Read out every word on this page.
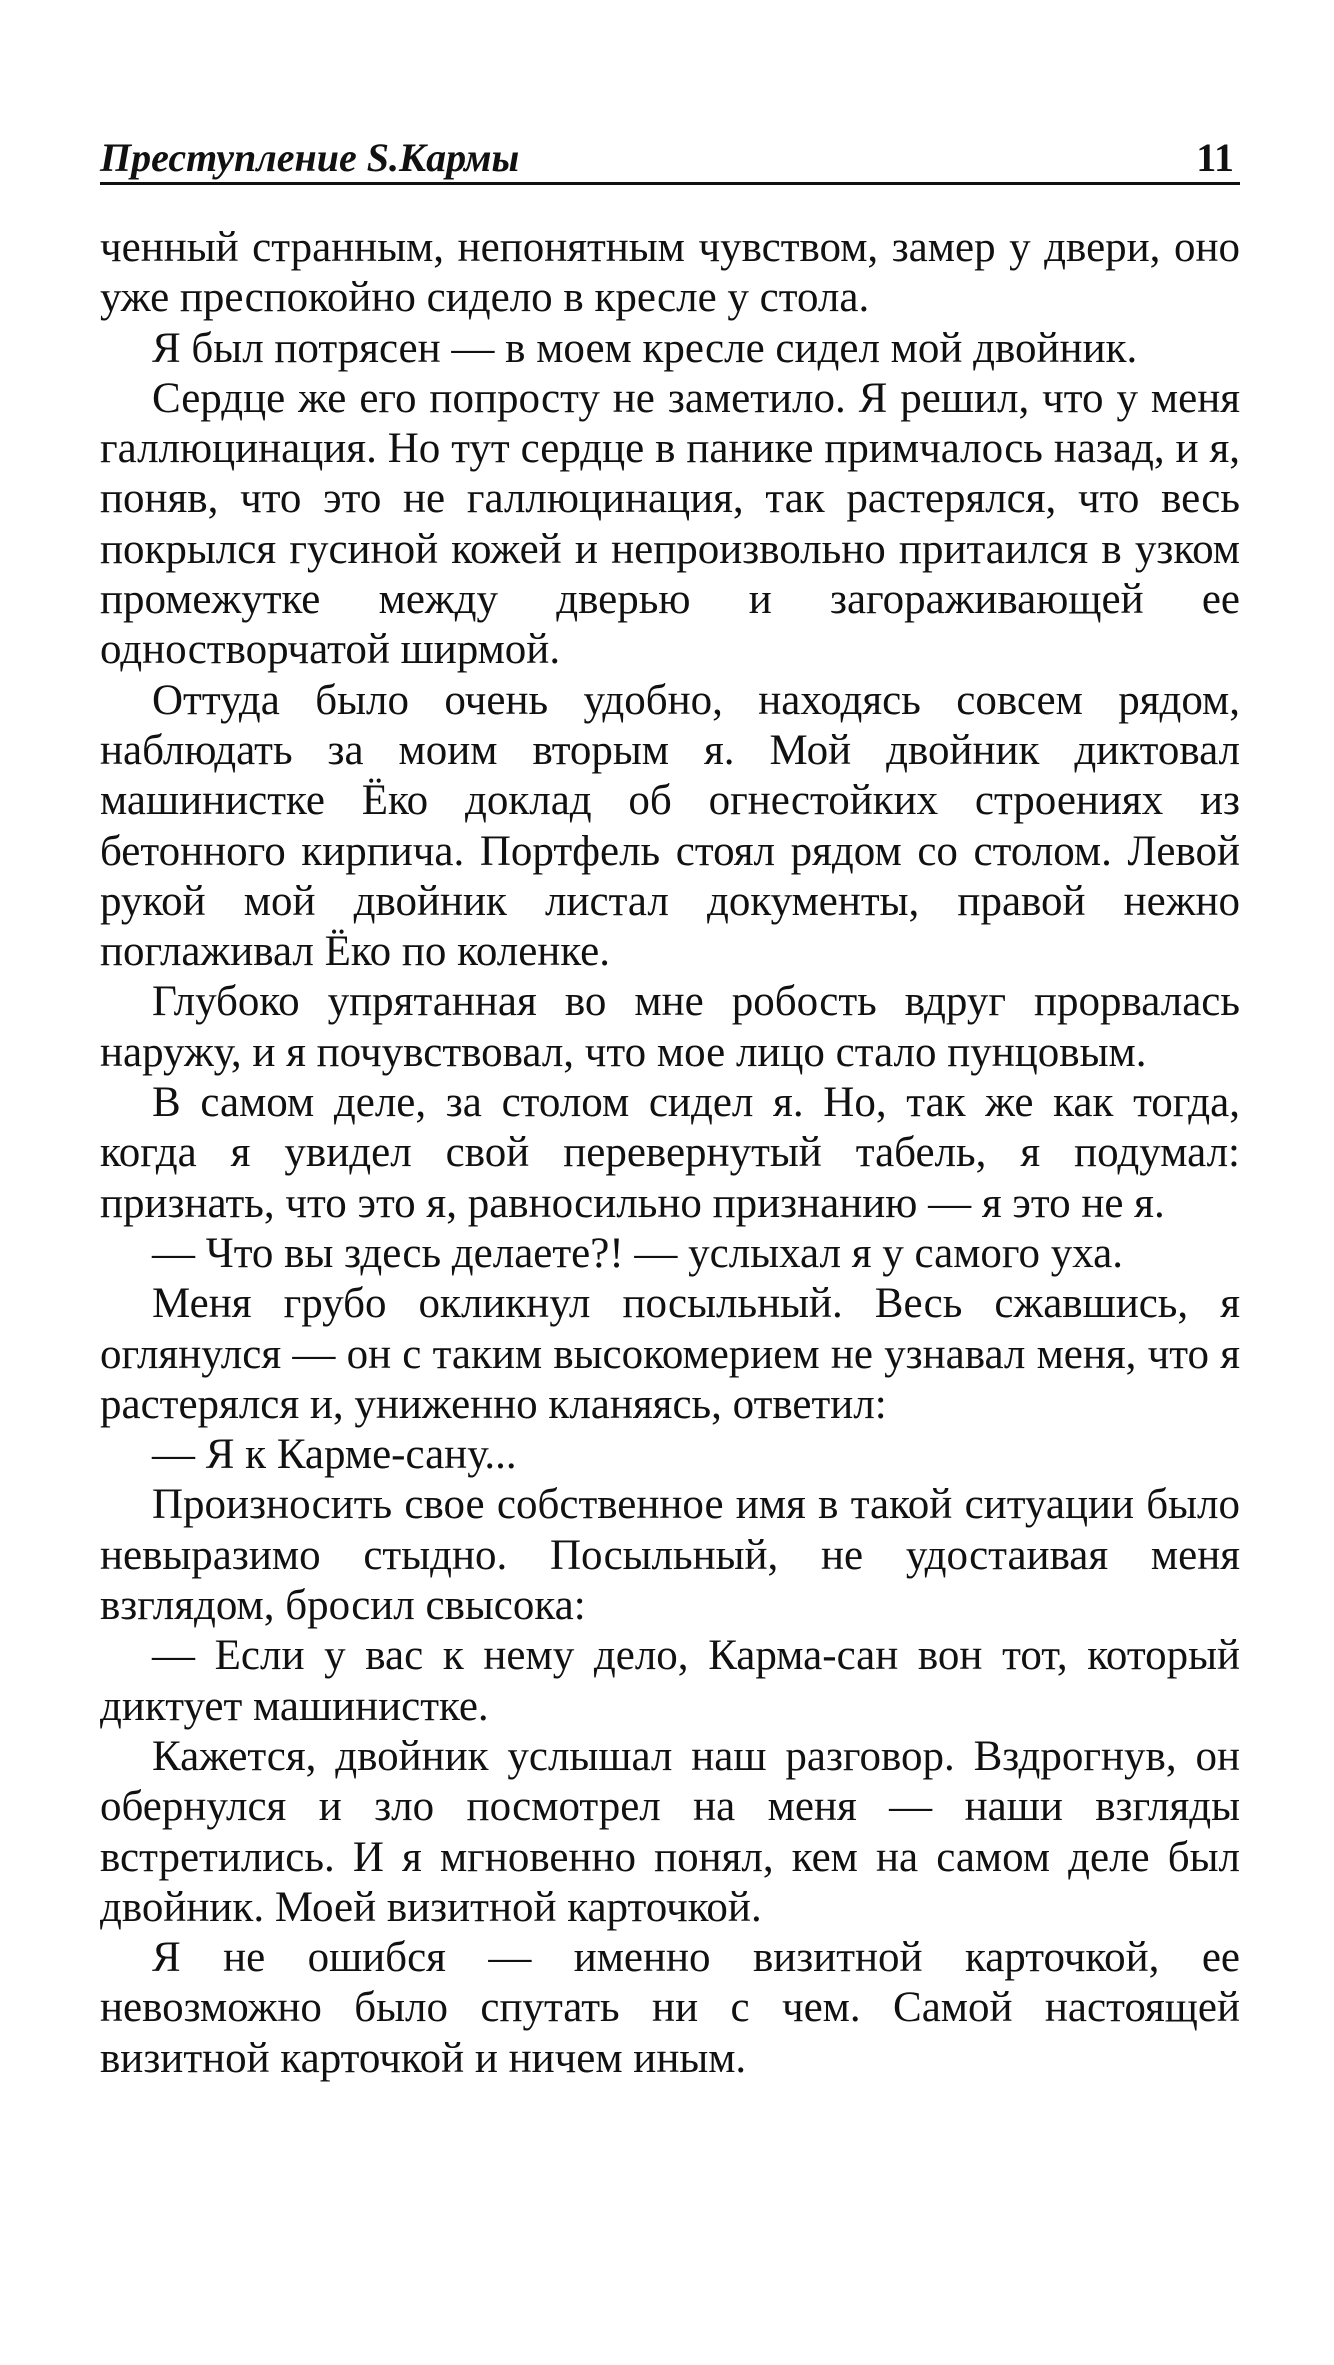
Преступление S.Кармы	11

ченный странным, непонятным чувством, замер у двери, оно уже преспокойно сидело в кресле у стола.

Я был потрясен — в моем кресле сидел мой двойник.

Сердце же его попросту не заметило. Я решил, что у меня галлюцинация. Но тут сердце в панике примчалось назад, и я, поняв, что это не галлюцинация, так растерялся, что весь покрылся гусиной кожей и непроизвольно притаился в узком промежутке между дверью и загораживающей ее одностворчатой ширмой.

Оттуда было очень удобно, находясь совсем рядом, наблюдать за моим вторым я. Мой двойник диктовал машинистке Ёко доклад об огнестойких строениях из бетонного кирпича. Портфель стоял рядом со столом. Левой рукой мой двойник листал документы, правой нежно поглаживал Ёко по коленке.

Глубоко упрятанная во мне робость вдруг прорвалась наружу, и я почувствовал, что мое лицо стало пунцовым.

В самом деле, за столом сидел я. Но, так же как тогда, когда я увидел свой перевернутый табель, я подумал: признать, что это я, равносильно признанию — я это не я.

— Что вы здесь делаете?! — услыхал я у самого уха.

Меня грубо окликнул посыльный. Весь сжавшись, я оглянулся — он с таким высокомерием не узнавал меня, что я растерялся и, униженно кланяясь, ответил:

— Я к Карме-сану...

Произносить свое собственное имя в такой ситуации было невыразимо стыдно. Посыльный, не удостаивая меня взглядом, бросил свысока:

— Если у вас к нему дело, Карма-сан вон тот, который диктует машинистке.

Кажется, двойник услышал наш разговор. Вздрогнув, он обернулся и зло посмотрел на меня — наши взгляды встретились. И я мгновенно понял, кем на самом деле был двойник. Моей визитной карточкой.

Я не ошибся — именно визитной карточкой, ее невозможно было спутать ни с чем. Самой настоящей визитной карточкой и ничем иным.
